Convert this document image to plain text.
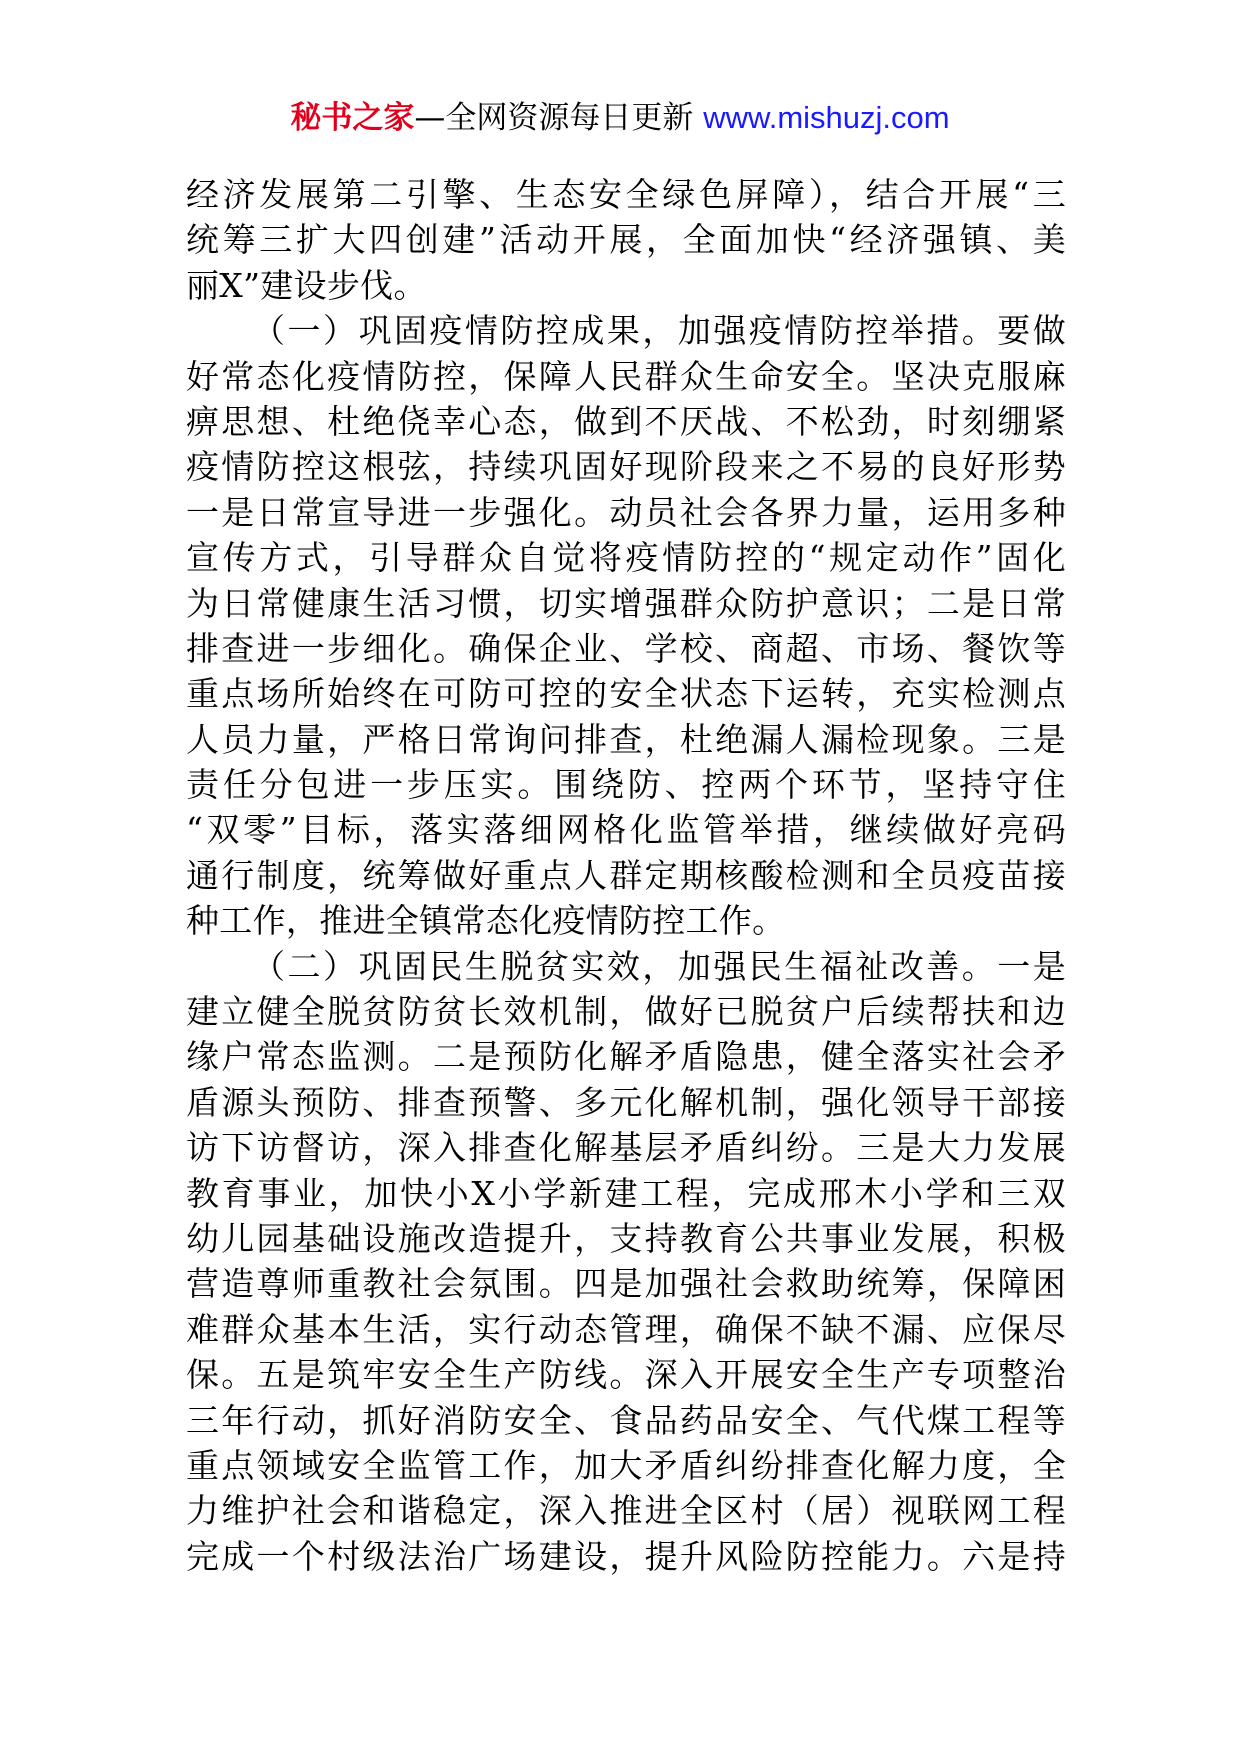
秘书之家—全网资源每日更新 www.mishuzj.com
经济发展第二引擎、生态安全绿色屏障），结合开展“三
统筹三扩大四创建”活动开展，全面加快“经济强镇、美
丽X”建设步伐。
（一）巩固疫情防控成果，加强疫情防控举措。要做
好常态化疫情防控，保障人民群众生命安全。坚决克服麻
痹思想、杜绝侥幸心态，做到不厌战、不松劲，时刻绷紧
疫情防控这根弦，持续巩固好现阶段来之不易的良好形势
一是日常宣导进一步强化。动员社会各界力量，运用多种
宣传方式，引导群众自觉将疫情防控的“规定动作”固化
为日常健康生活习惯，切实增强群众防护意识；二是日常
排查进一步细化。确保企业、学校、商超、市场、餐饮等
重点场所始终在可防可控的安全状态下运转，充实检测点
人员力量，严格日常询问排查，杜绝漏人漏检现象。三是
责任分包进一步压实。围绕防、控两个环节，坚持守住
“双零”目标，落实落细网格化监管举措，继续做好亮码
通行制度，统筹做好重点人群定期核酸检测和全员疫苗接
种工作，推进全镇常态化疫情防控工作。
（二）巩固民生脱贫实效，加强民生福祉改善。一是
建立健全脱贫防贫长效机制，做好已脱贫户后续帮扶和边
缘户常态监测。二是预防化解矛盾隐患，健全落实社会矛
盾源头预防、排查预警、多元化解机制，强化领导干部接
访下访督访，深入排查化解基层矛盾纠纷。三是大力发展
教育事业，加快小X小学新建工程，完成邢木小学和三双
幼儿园基础设施改造提升，支持教育公共事业发展，积极
营造尊师重教社会氛围。四是加强社会救助统筹，保障困
难群众基本生活，实行动态管理，确保不缺不漏、应保尽
保。五是筑牢安全生产防线。深入开展安全生产专项整治
三年行动，抓好消防安全、食品药品安全、气代煤工程等
重点领域安全监管工作，加大矛盾纠纷排查化解力度，全
力维护社会和谐稳定，深入推进全区村（居）视联网工程
完成一个村级法治广场建设，提升风险防控能力。六是持
